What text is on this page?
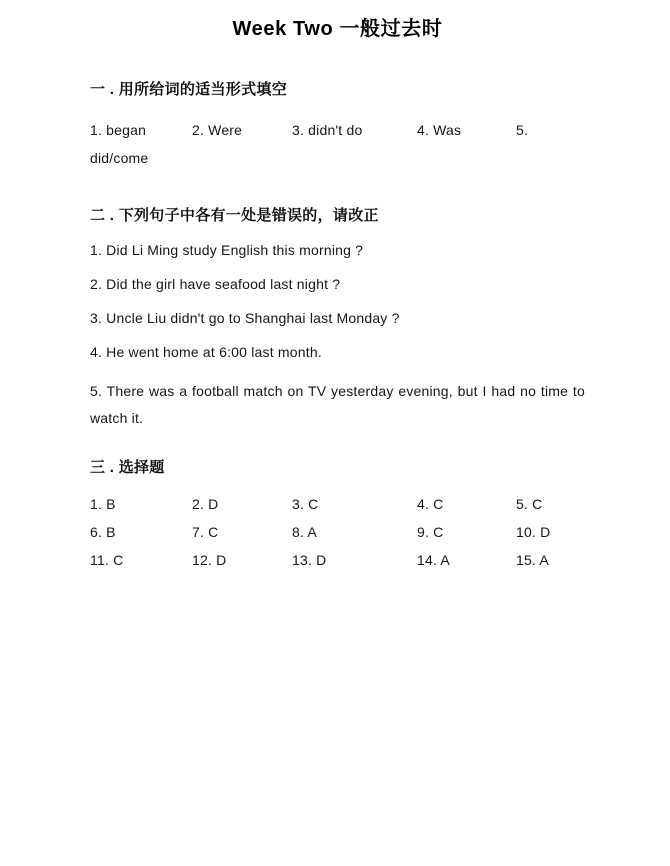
Week Two 一般过去时
一 . 用所给词的适当形式填空
1. began	2. Were	3. didn't do	4. Was	5.
did/come
二 . 下列句子中各有一处是错误的，请改正

1. Did Li Ming study English this morning ?

2. Did the girl have seafood last night ?

3. Uncle Liu didn't go to Shanghai last Monday ?

4. He went home at 6:00 last month.

5. There was a football match on TV yesterday evening, but I had no time to watch it.

三 . 选择题
1. B	2. D	3. C	4. C	5. C
6. B	7. C	8. A	9. C	10. D
11. C	12. D	13. D	14. A	15. A
